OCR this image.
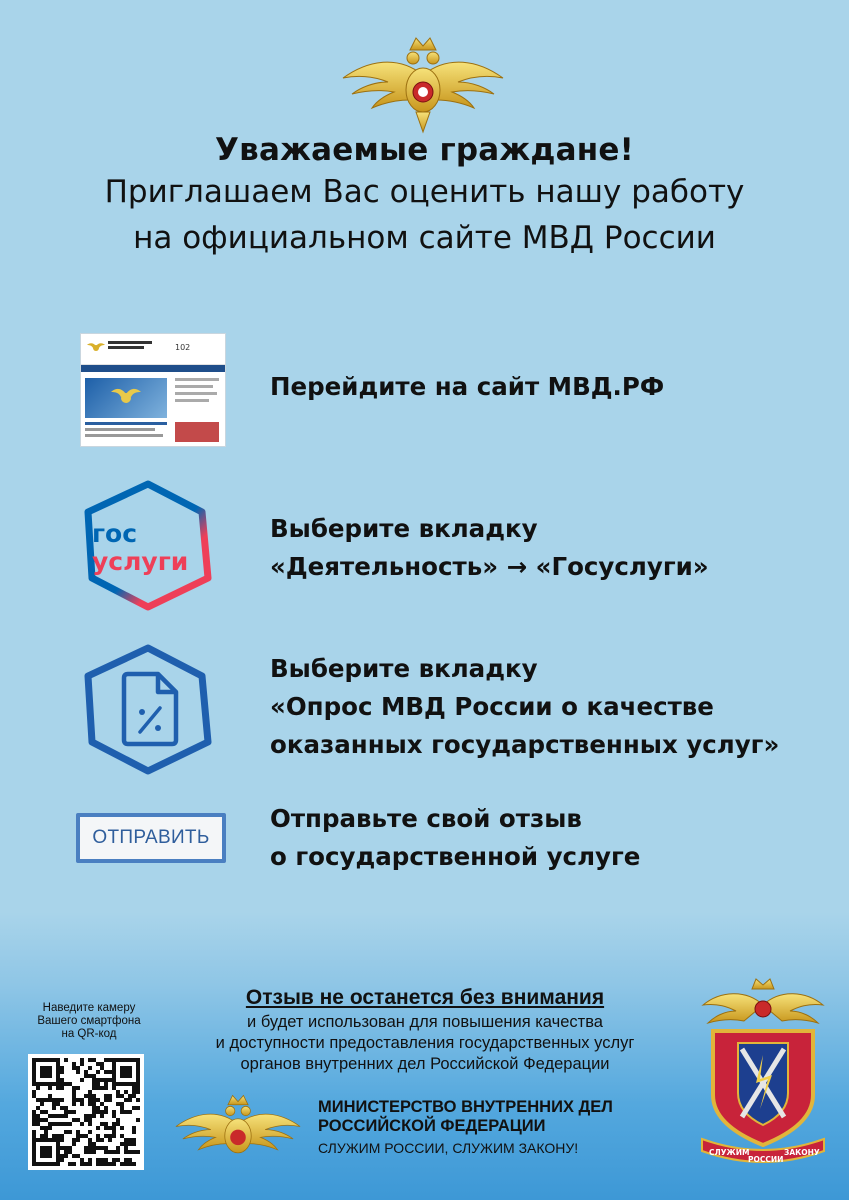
Уважаемые граждане!
Приглашаем Вас оценить нашу работу
на официальном сайте МВД России
102
Перейдите на сайт МВД.РФ
гос
услуги
Выберите вкладку
«Деятельность» → «Госуслуги»
Выберите вкладку
«Опрос МВД России о качестве
оказанных государственных услуг»
ОТПРАВИТЬ
Отправьте свой отзыв
о государственной услуге
Наведите камеру
Вашего смартфона
на QR-код
Отзыв не останется без внимания
и будет использован для повышения качества
и доступности предоставления государственных услуг
органов внутренних дел Российской Федерации
МИНИСТЕРСТВО ВНУТРЕННИХ ДЕЛ
РОССИЙСКОЙ ФЕДЕРАЦИИ
СЛУЖИМ РОССИИ, СЛУЖИМ ЗАКОНУ!	СЛУЖИМ
РОССИИ
ЗАКОНУ
